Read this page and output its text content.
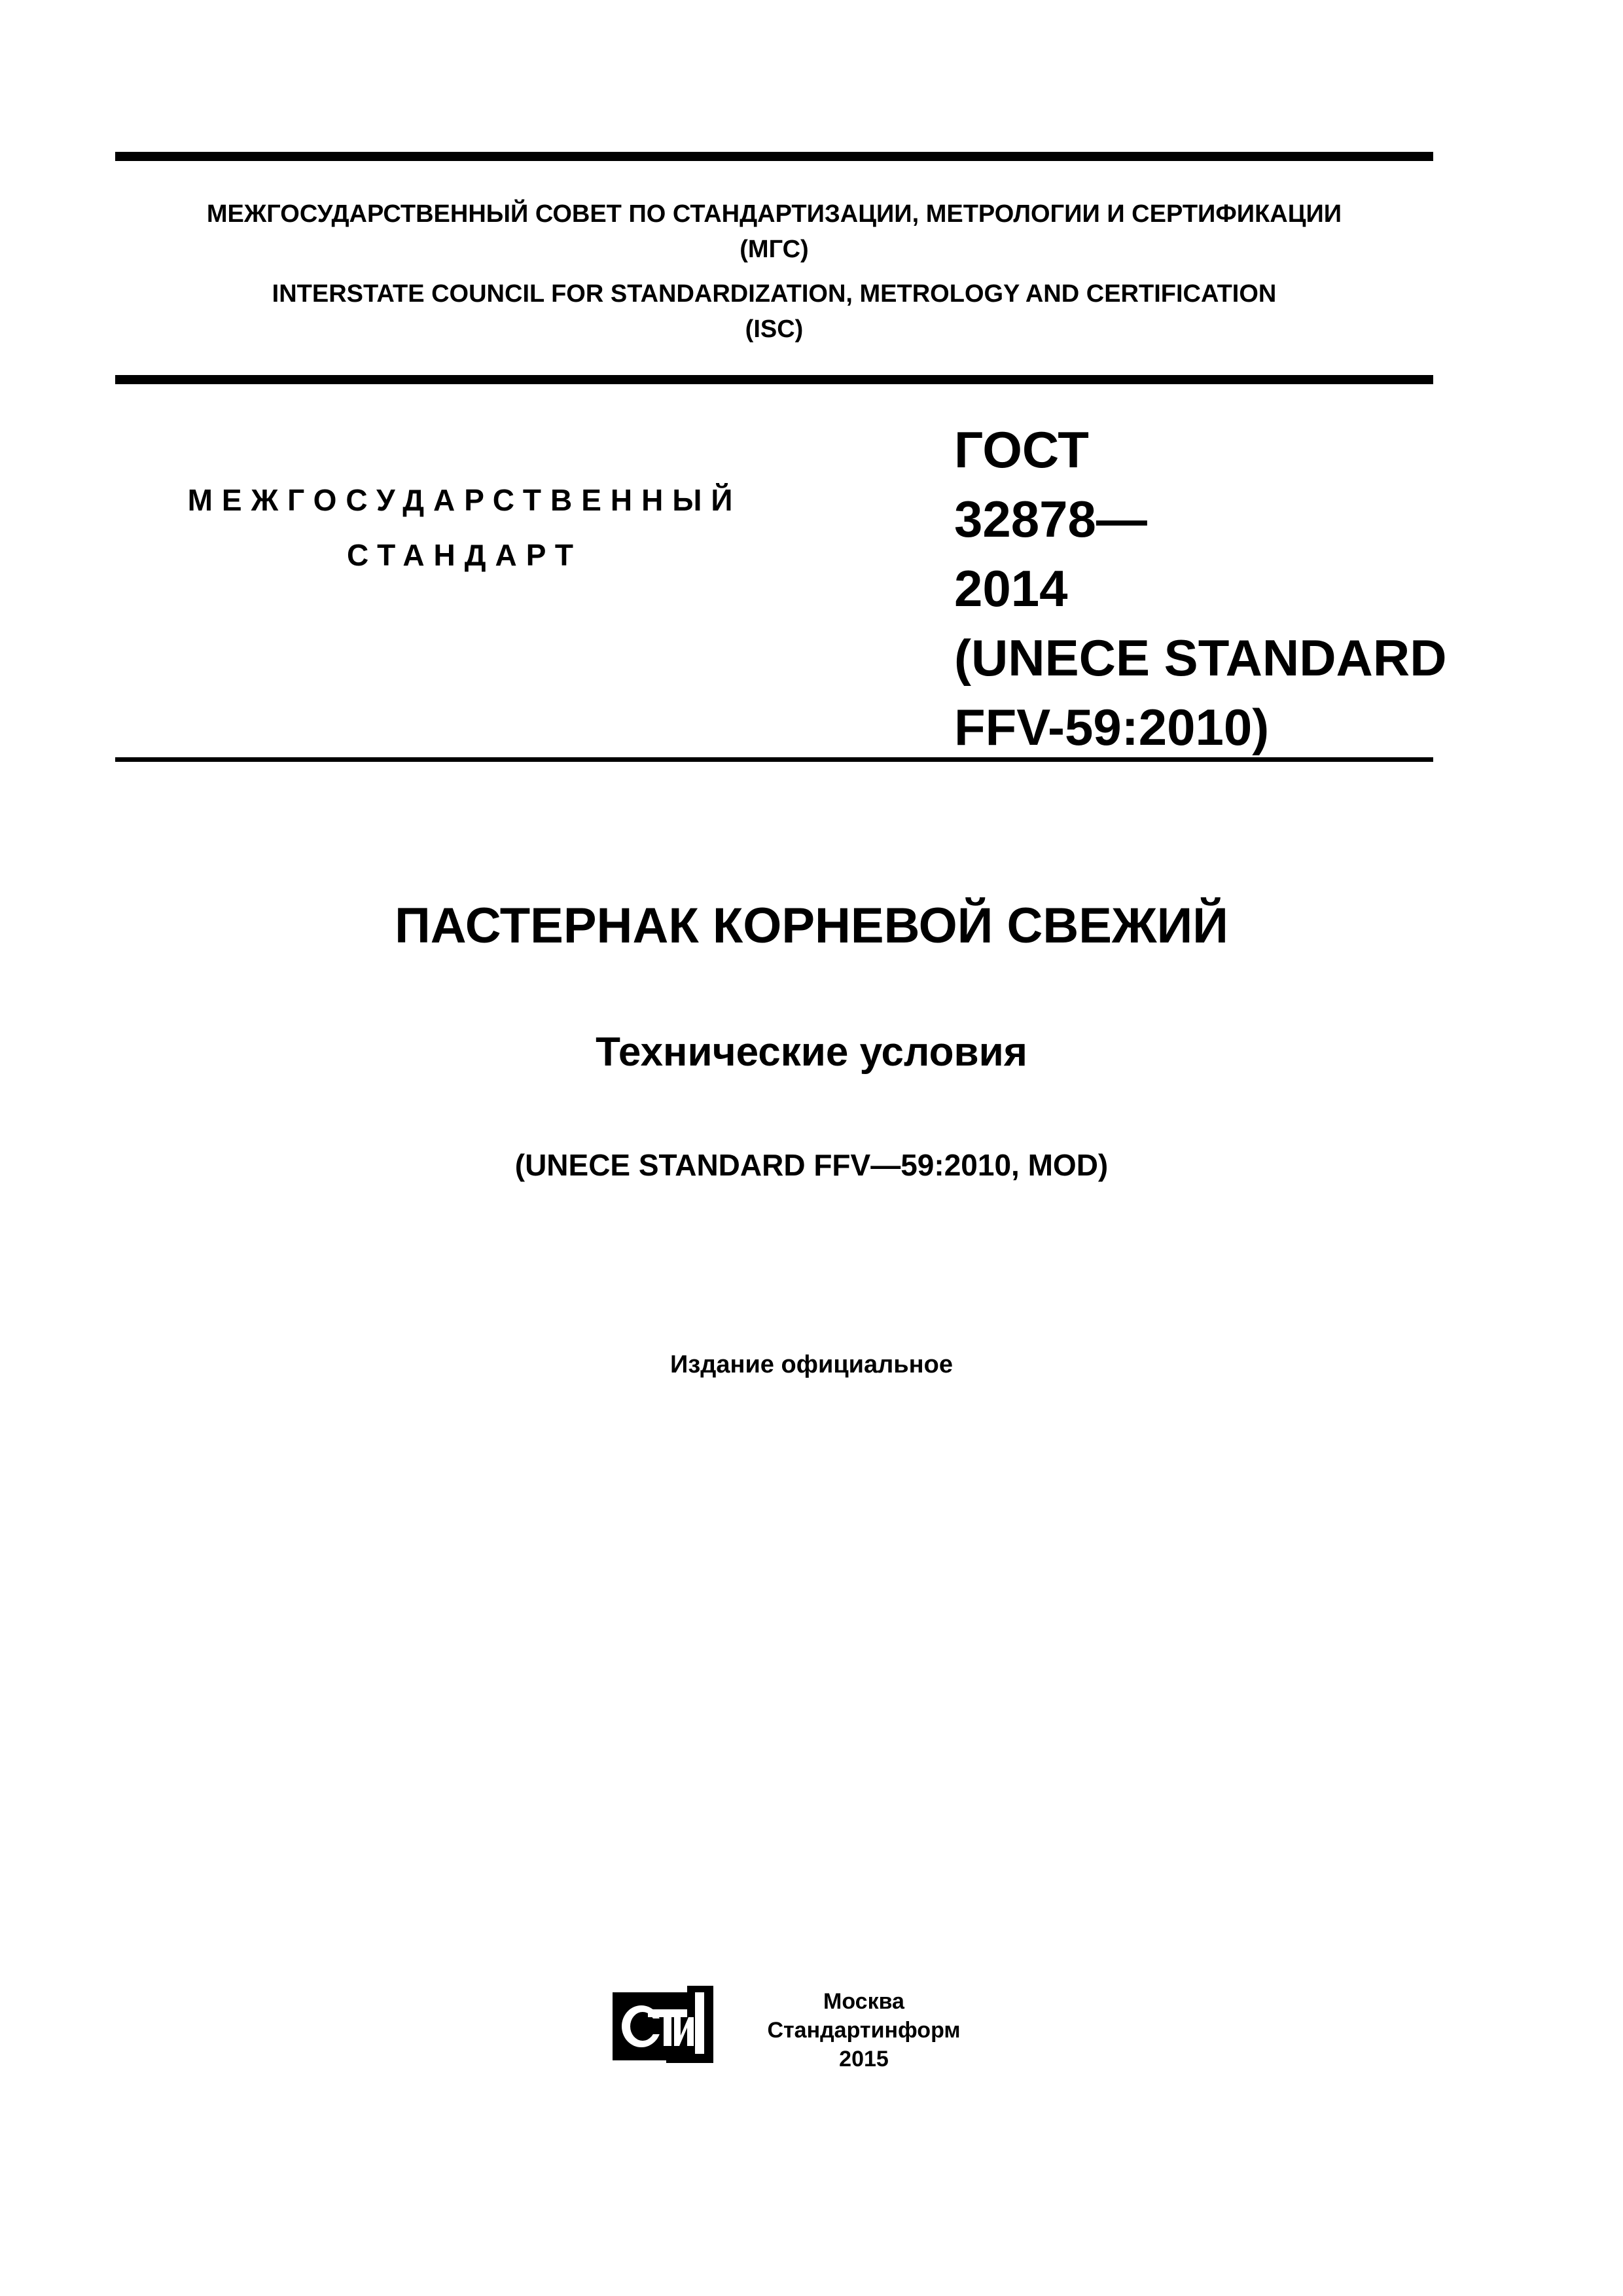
МЕЖГОСУДАРСТВЕННЫЙ СОВЕТ ПО СТАНДАРТИЗАЦИИ, МЕТРОЛОГИИ И СЕРТИФИКАЦИИ
(МГС)
INTERSTATE COUNCIL FOR STANDARDIZATION, METROLOGY AND CERTIFICATION
(ISC)
МЕЖГОСУДАРСТВЕННЫЙ
СТАНДАРТ
ГОСТ
32878—
2014
(UNECE STANDARD
FFV-59:2010)
ПАСТЕРНАК КОРНЕВОЙ СВЕЖИЙ
Технические условия
(UNECE STANDARD FFV—59:2010, MOD)
Издание официальное
Москва
Стандартинформ
2015
